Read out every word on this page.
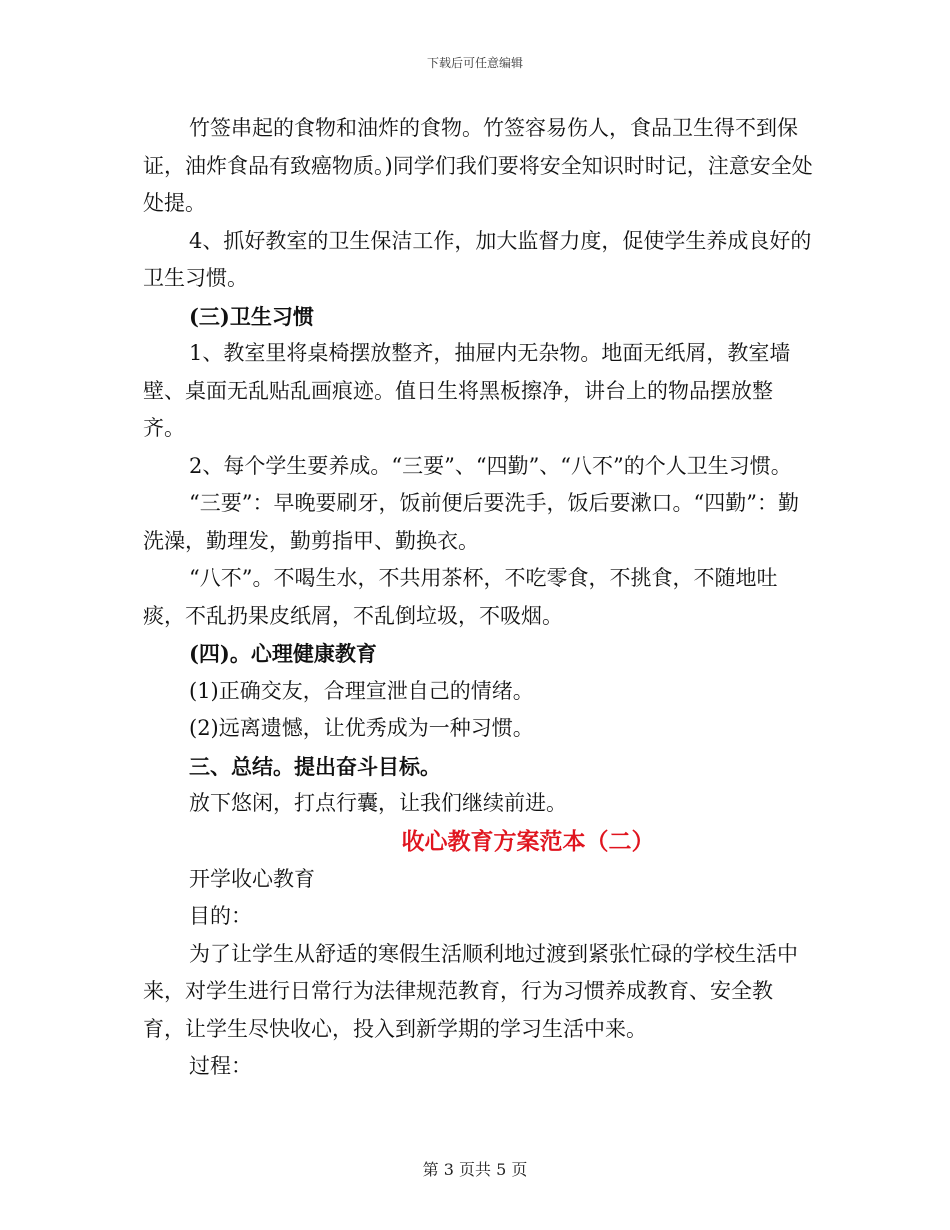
下载后可任意编辑

竹签串起的食物和油炸的食物。竹签容易伤人，食品卫生得不到保证，油炸食品有致癌物质。)同学们我们要将安全知识时时记，注意安全处处提。

4、抓好教室的卫生保洁工作，加大监督力度，促使学生养成良好的卫生习惯。

(三)卫生习惯

1、教室里将桌椅摆放整齐，抽屉内无杂物。地面无纸屑，教室墙壁、桌面无乱贴乱画痕迹。值日生将黑板擦净，讲台上的物品摆放整齐。

2、每个学生要养成。“三要”、“四勤”、“八不”的个人卫生习惯。

“三要”：早晚要刷牙，饭前便后要洗手，饭后要漱口。“四勤”：勤洗澡，勤理发，勤剪指甲、勤换衣。

“八不”。不喝生水，不共用茶杯，不吃零食，不挑食，不随地吐痰，不乱扔果皮纸屑，不乱倒垃圾，不吸烟。

(四)。心理健康教育

(1)正确交友，合理宣泄自己的情绪。

(2)远离遗憾，让优秀成为一种习惯。

三、总结。提出奋斗目标。

放下悠闲，打点行囊，让我们继续前进。

收心教育方案范本（二）

开学收心教育

目的：

为了让学生从舒适的寒假生活顺利地过渡到紧张忙碌的学校生活中来，对学生进行日常行为法律规范教育，行为习惯养成教育、安全教育，让学生尽快收心，投入到新学期的学习生活中来。

过程：

第 3 页共 5 页
